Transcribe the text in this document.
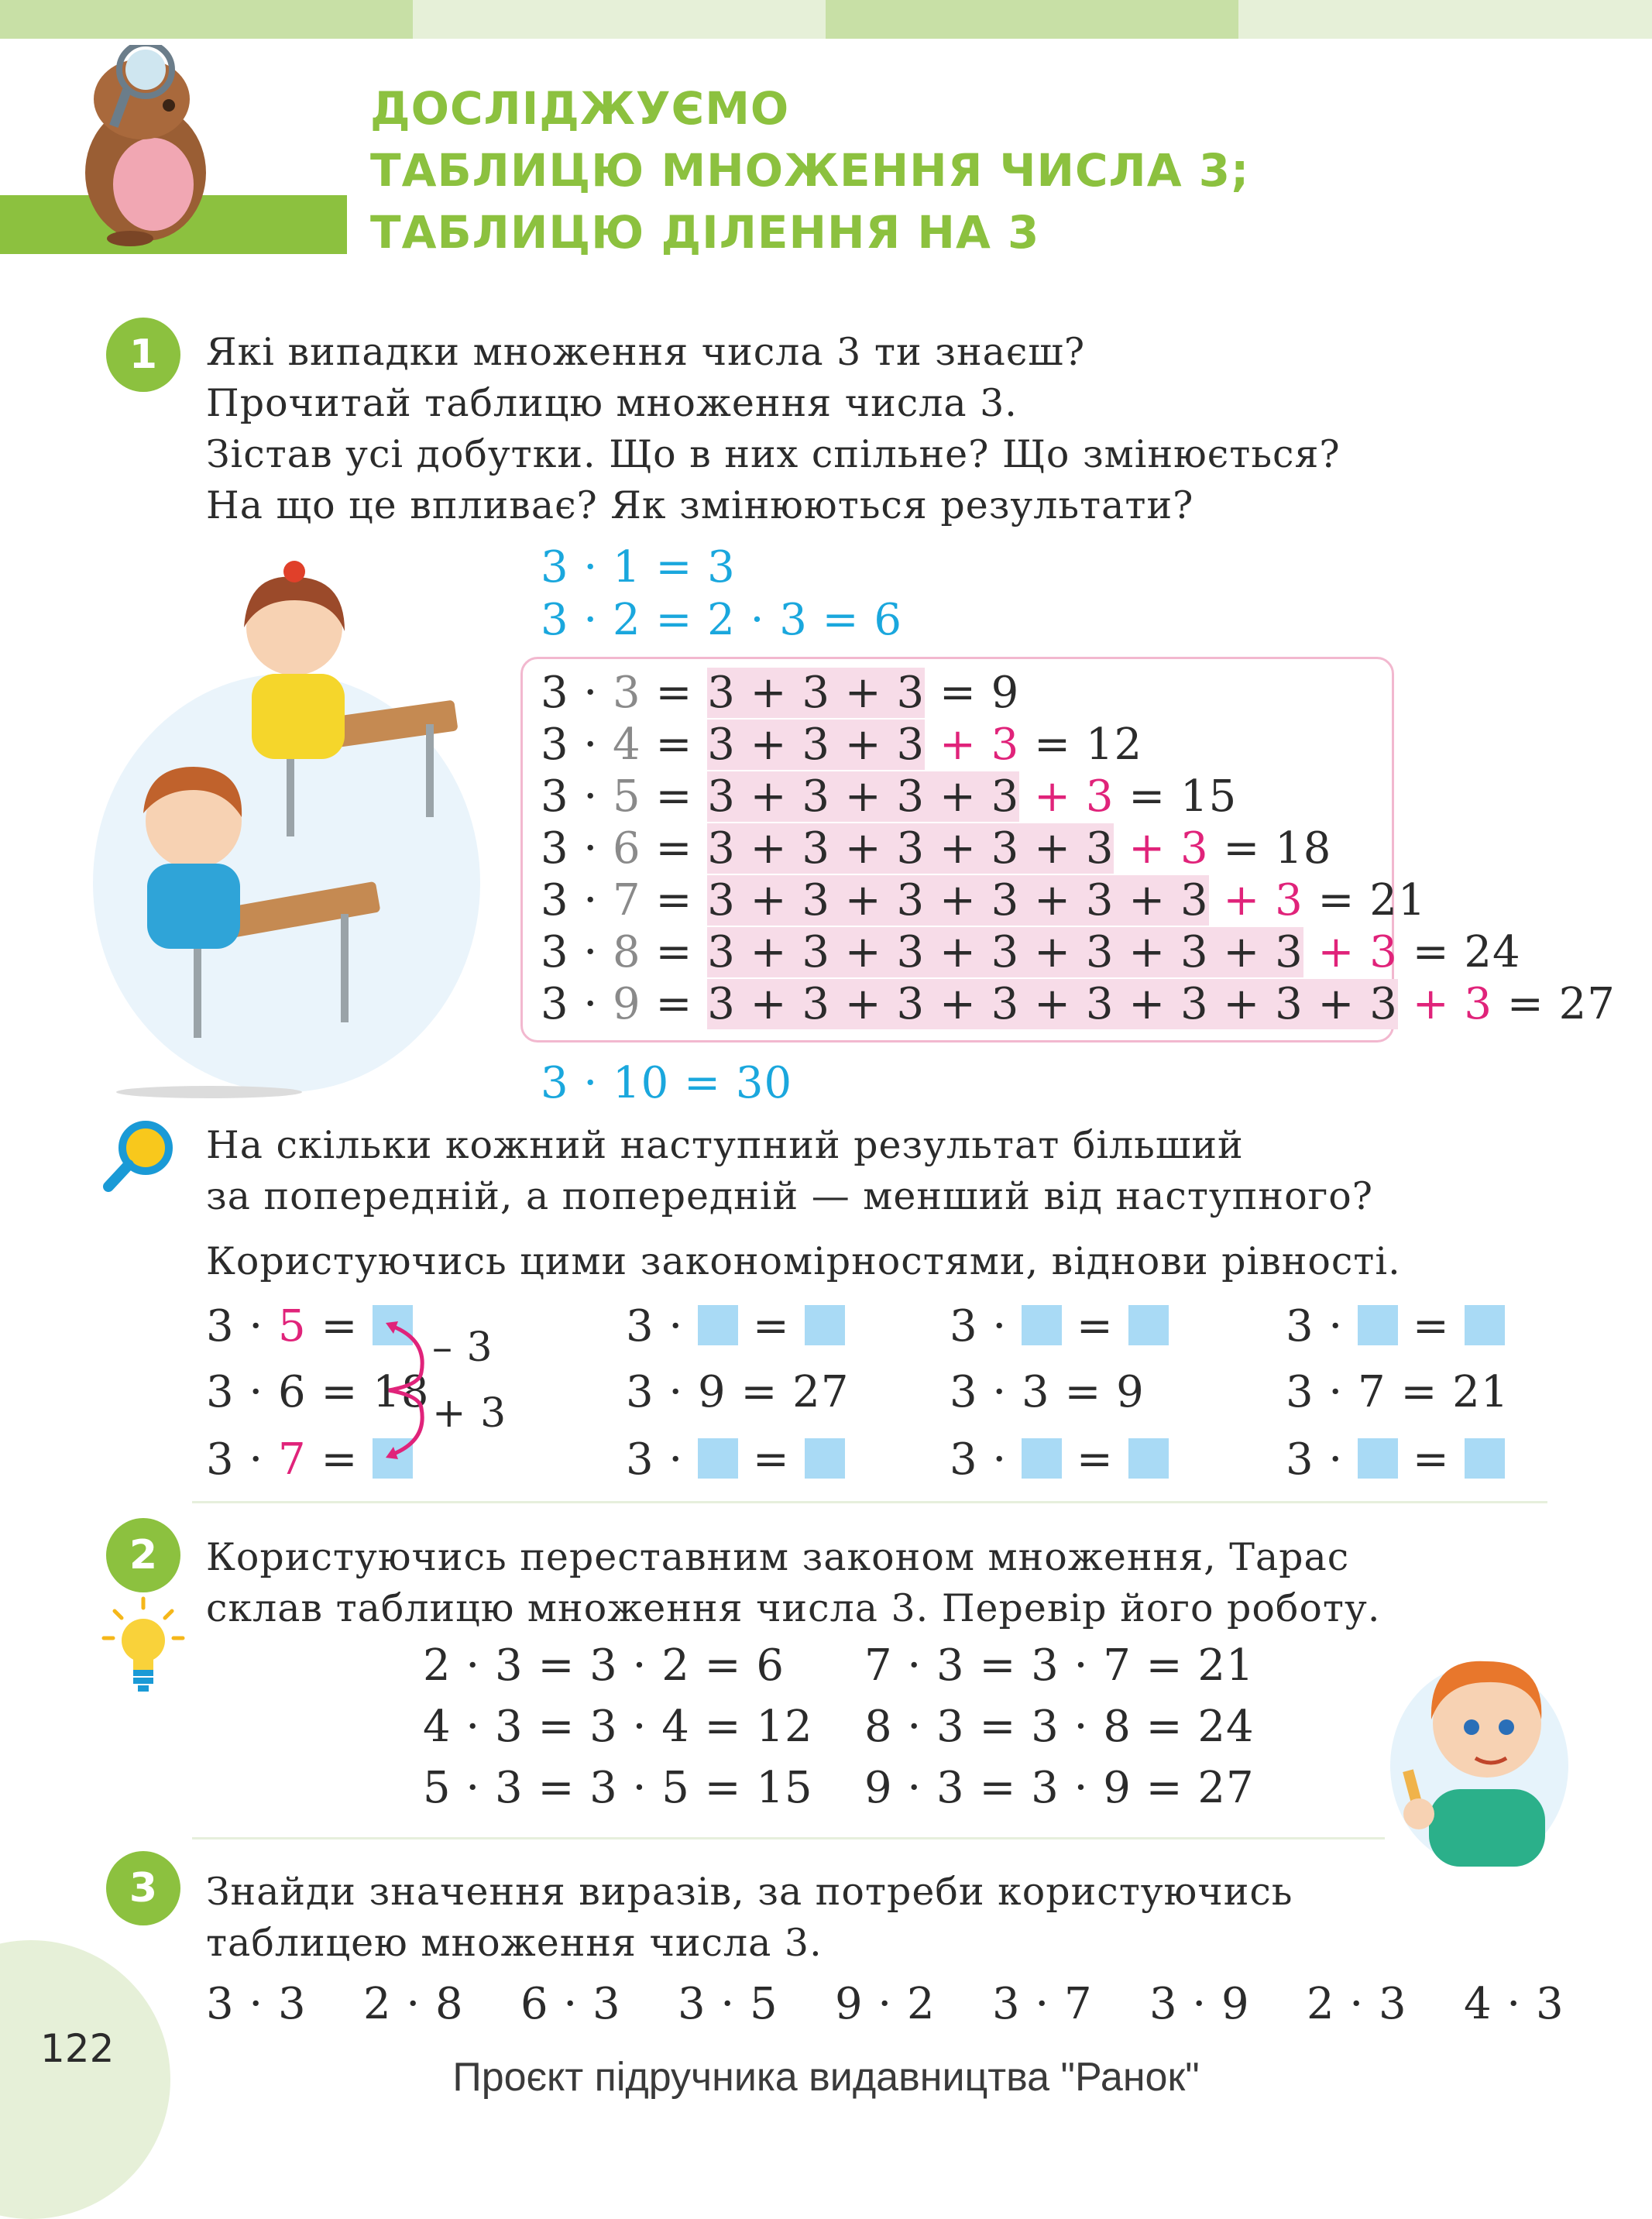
ДОСЛІДЖУЄМО
ТАБЛИЦЮ МНОЖЕННЯ ЧИСЛА 3;
ТАБЛИЦЮ ДІЛЕННЯ НА 3
1	Які випадки множення числа 3 ти знаєш?
Прочитай таблицю множення числа 3.
Зістав усі добутки. Що в них спільне? Що змінюється?
На що це впливає? Як змінюються результати?
3 · 1 = 3
3 · 2 = 2 · 3 = 6
3 · 3 = 3 + 3 + 3 = 9
3 · 4 = 3 + 3 + 3 + 3 = 12
3 · 5 = 3 + 3 + 3 + 3 + 3 = 15
3 · 6 = 3 + 3 + 3 + 3 + 3 + 3 = 18
3 · 7 = 3 + 3 + 3 + 3 + 3 + 3 + 3 = 21
3 · 8 = 3 + 3 + 3 + 3 + 3 + 3 + 3 + 3 = 24
3 · 9 = 3 + 3 + 3 + 3 + 3 + 3 + 3 + 3 + 3 = 27
3 · 10 = 30
На скільки кожний наступний результат більший
за попередній, а попередній — менший від наступного?
Користуючись цими закономірностями, віднови рівності.
3 · 5 =
3 · 6 = 18
3 · 7 =
– 3
+ 3
3 · =
3 · 9 = 27
3 · =
3 · =
3 · 3 = 9
3 · =
3 · =
3 · 7 = 21
3 · =
2	Користуючись переставним законом множення, Тарас
склав таблицю множення числа 3. Перевір його роботу.
2 · 3 = 3 · 2 = 6
4 · 3 = 3 · 4 = 12
5 · 3 = 3 · 5 = 15
7 · 3 = 3 · 7 = 21
8 · 3 = 3 · 8 = 24
9 · 3 = 3 · 9 = 27
3	Знайди значення виразів, за потреби користуючись
таблицею множення числа 3.
3 · 3 2 · 8 6 · 3 3 · 5 9 · 2 3 · 7 3 · 9 2 · 3 4 · 3
122
Проєкт підручника видавництва "Ранок"
